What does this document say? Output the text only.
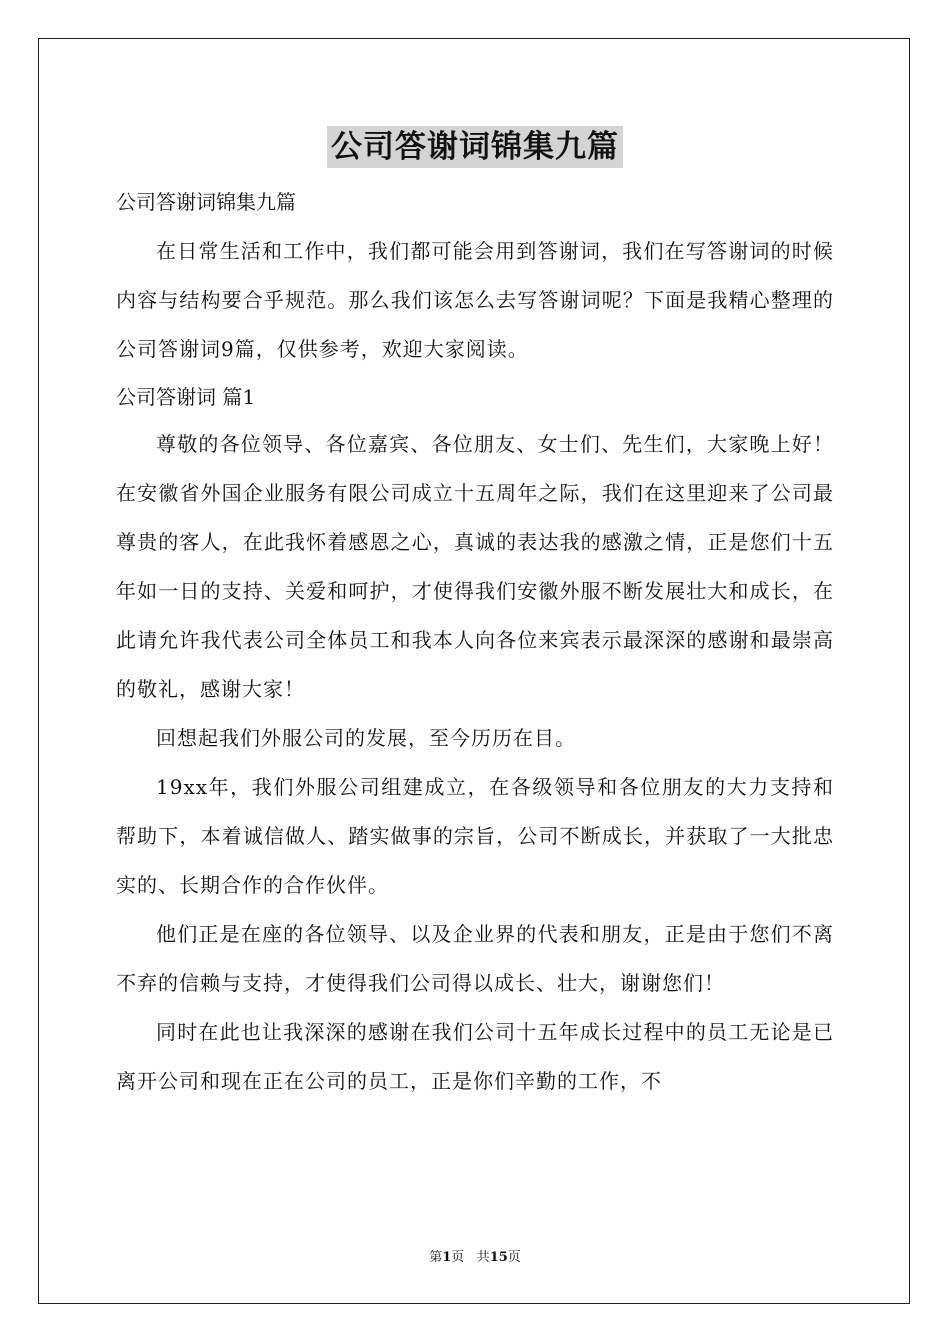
公司答谢词锦集九篇
公司答谢词锦集九篇
在日常生活和工作中，我们都可能会用到答谢词，我们在写答谢词的时候内容与结构要合乎规范。那么我们该怎么去写答谢词呢？下面是我精心整理的公司答谢词9篇，仅供参考，欢迎大家阅读。
公司答谢词 篇1
尊敬的各位领导、各位嘉宾、各位朋友、女士们、先生们，大家晚上好！在安徽省外国企业服务有限公司成立十五周年之际，我们在这里迎来了公司最尊贵的客人，在此我怀着感恩之心，真诚的表达我的感激之情，正是您们十五年如一日的支持、关爱和呵护，才使得我们安徽外服不断发展壮大和成长，在此请允许我代表公司全体员工和我本人向各位来宾表示最深深的感谢和最崇高的敬礼，感谢大家！
回想起我们外服公司的发展，至今历历在目。
19xx年，我们外服公司组建成立，在各级领导和各位朋友的大力支持和帮助下，本着诚信做人、踏实做事的宗旨，公司不断成长，并获取了一大批忠实的、长期合作的合作伙伴。
他们正是在座的各位领导、以及企业界的代表和朋友，正是由于您们不离不弃的信赖与支持，才使得我们公司得以成长、壮大，谢谢您们！
同时在此也让我深深的感谢在我们公司十五年成长过程中的员工无论是已离开公司和现在正在公司的员工，正是你们辛勤的工作，不
第1页 共15页
